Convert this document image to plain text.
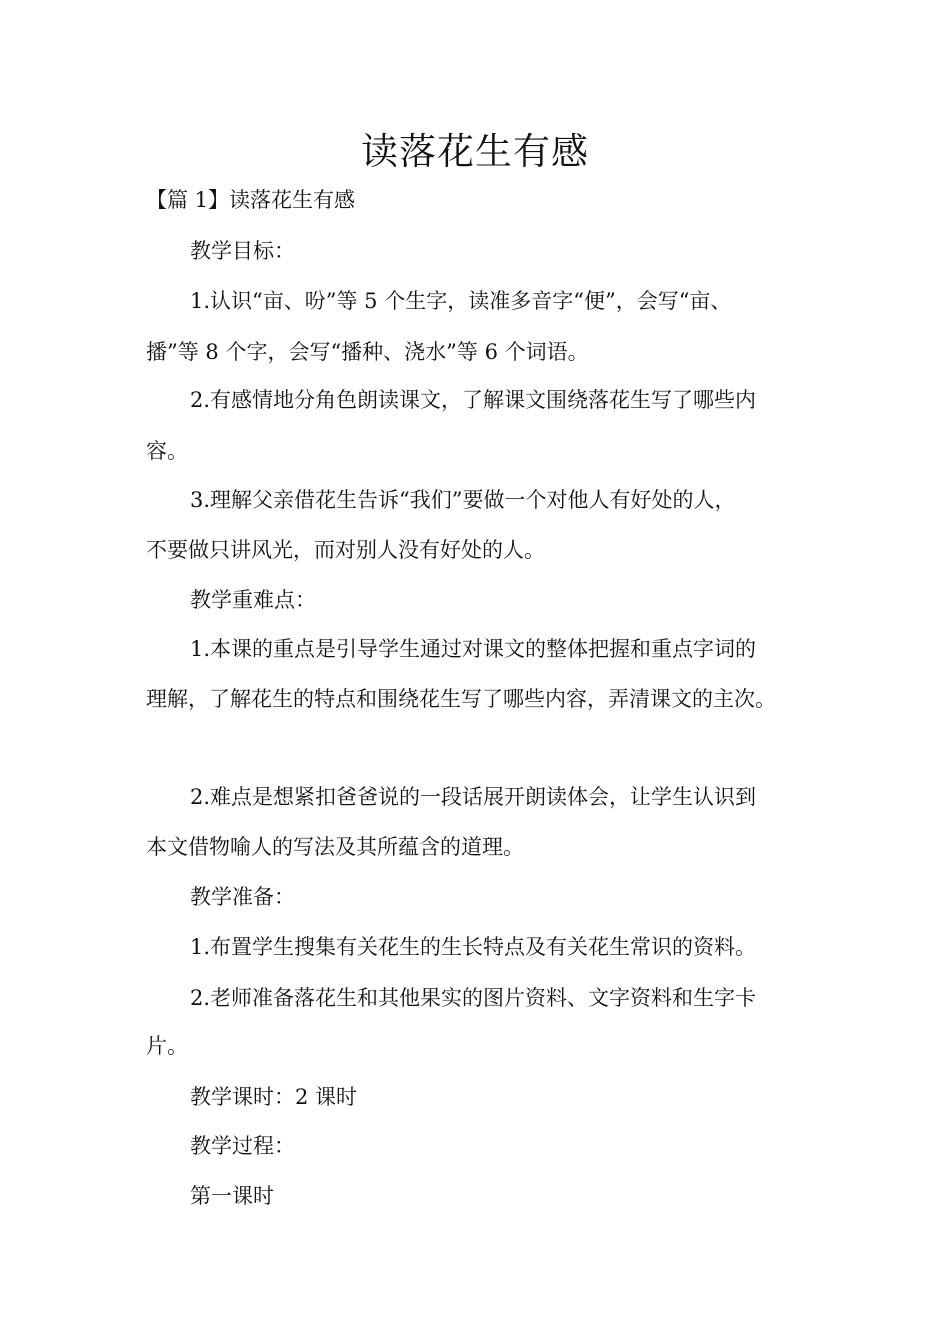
读落花生有感
【篇 1】读落花生有感
教学目标：
1.认识“亩、吩”等 5 个生字，读准多音字“便”，会写“亩、
播”等 8 个字，会写“播种、浇水”等 6 个词语。
2.有感情地分角色朗读课文，了解课文围绕落花生写了哪些内
容。
3.理解父亲借花生告诉“我们”要做一个对他人有好处的人，
不要做只讲风光，而对别人没有好处的人。
教学重难点：
1.本课的重点是引导学生通过对课文的整体把握和重点字词的
理解，了解花生的特点和围绕花生写了哪些内容，弄清课文的主次。
2.难点是想紧扣爸爸说的一段话展开朗读体会，让学生认识到
本文借物喻人的写法及其所蕴含的道理。
教学准备：
1.布置学生搜集有关花生的生长特点及有关花生常识的资料。
2.老师准备落花生和其他果实的图片资料、文字资料和生字卡
片。
教学课时：2 课时
教学过程：
第一课时
